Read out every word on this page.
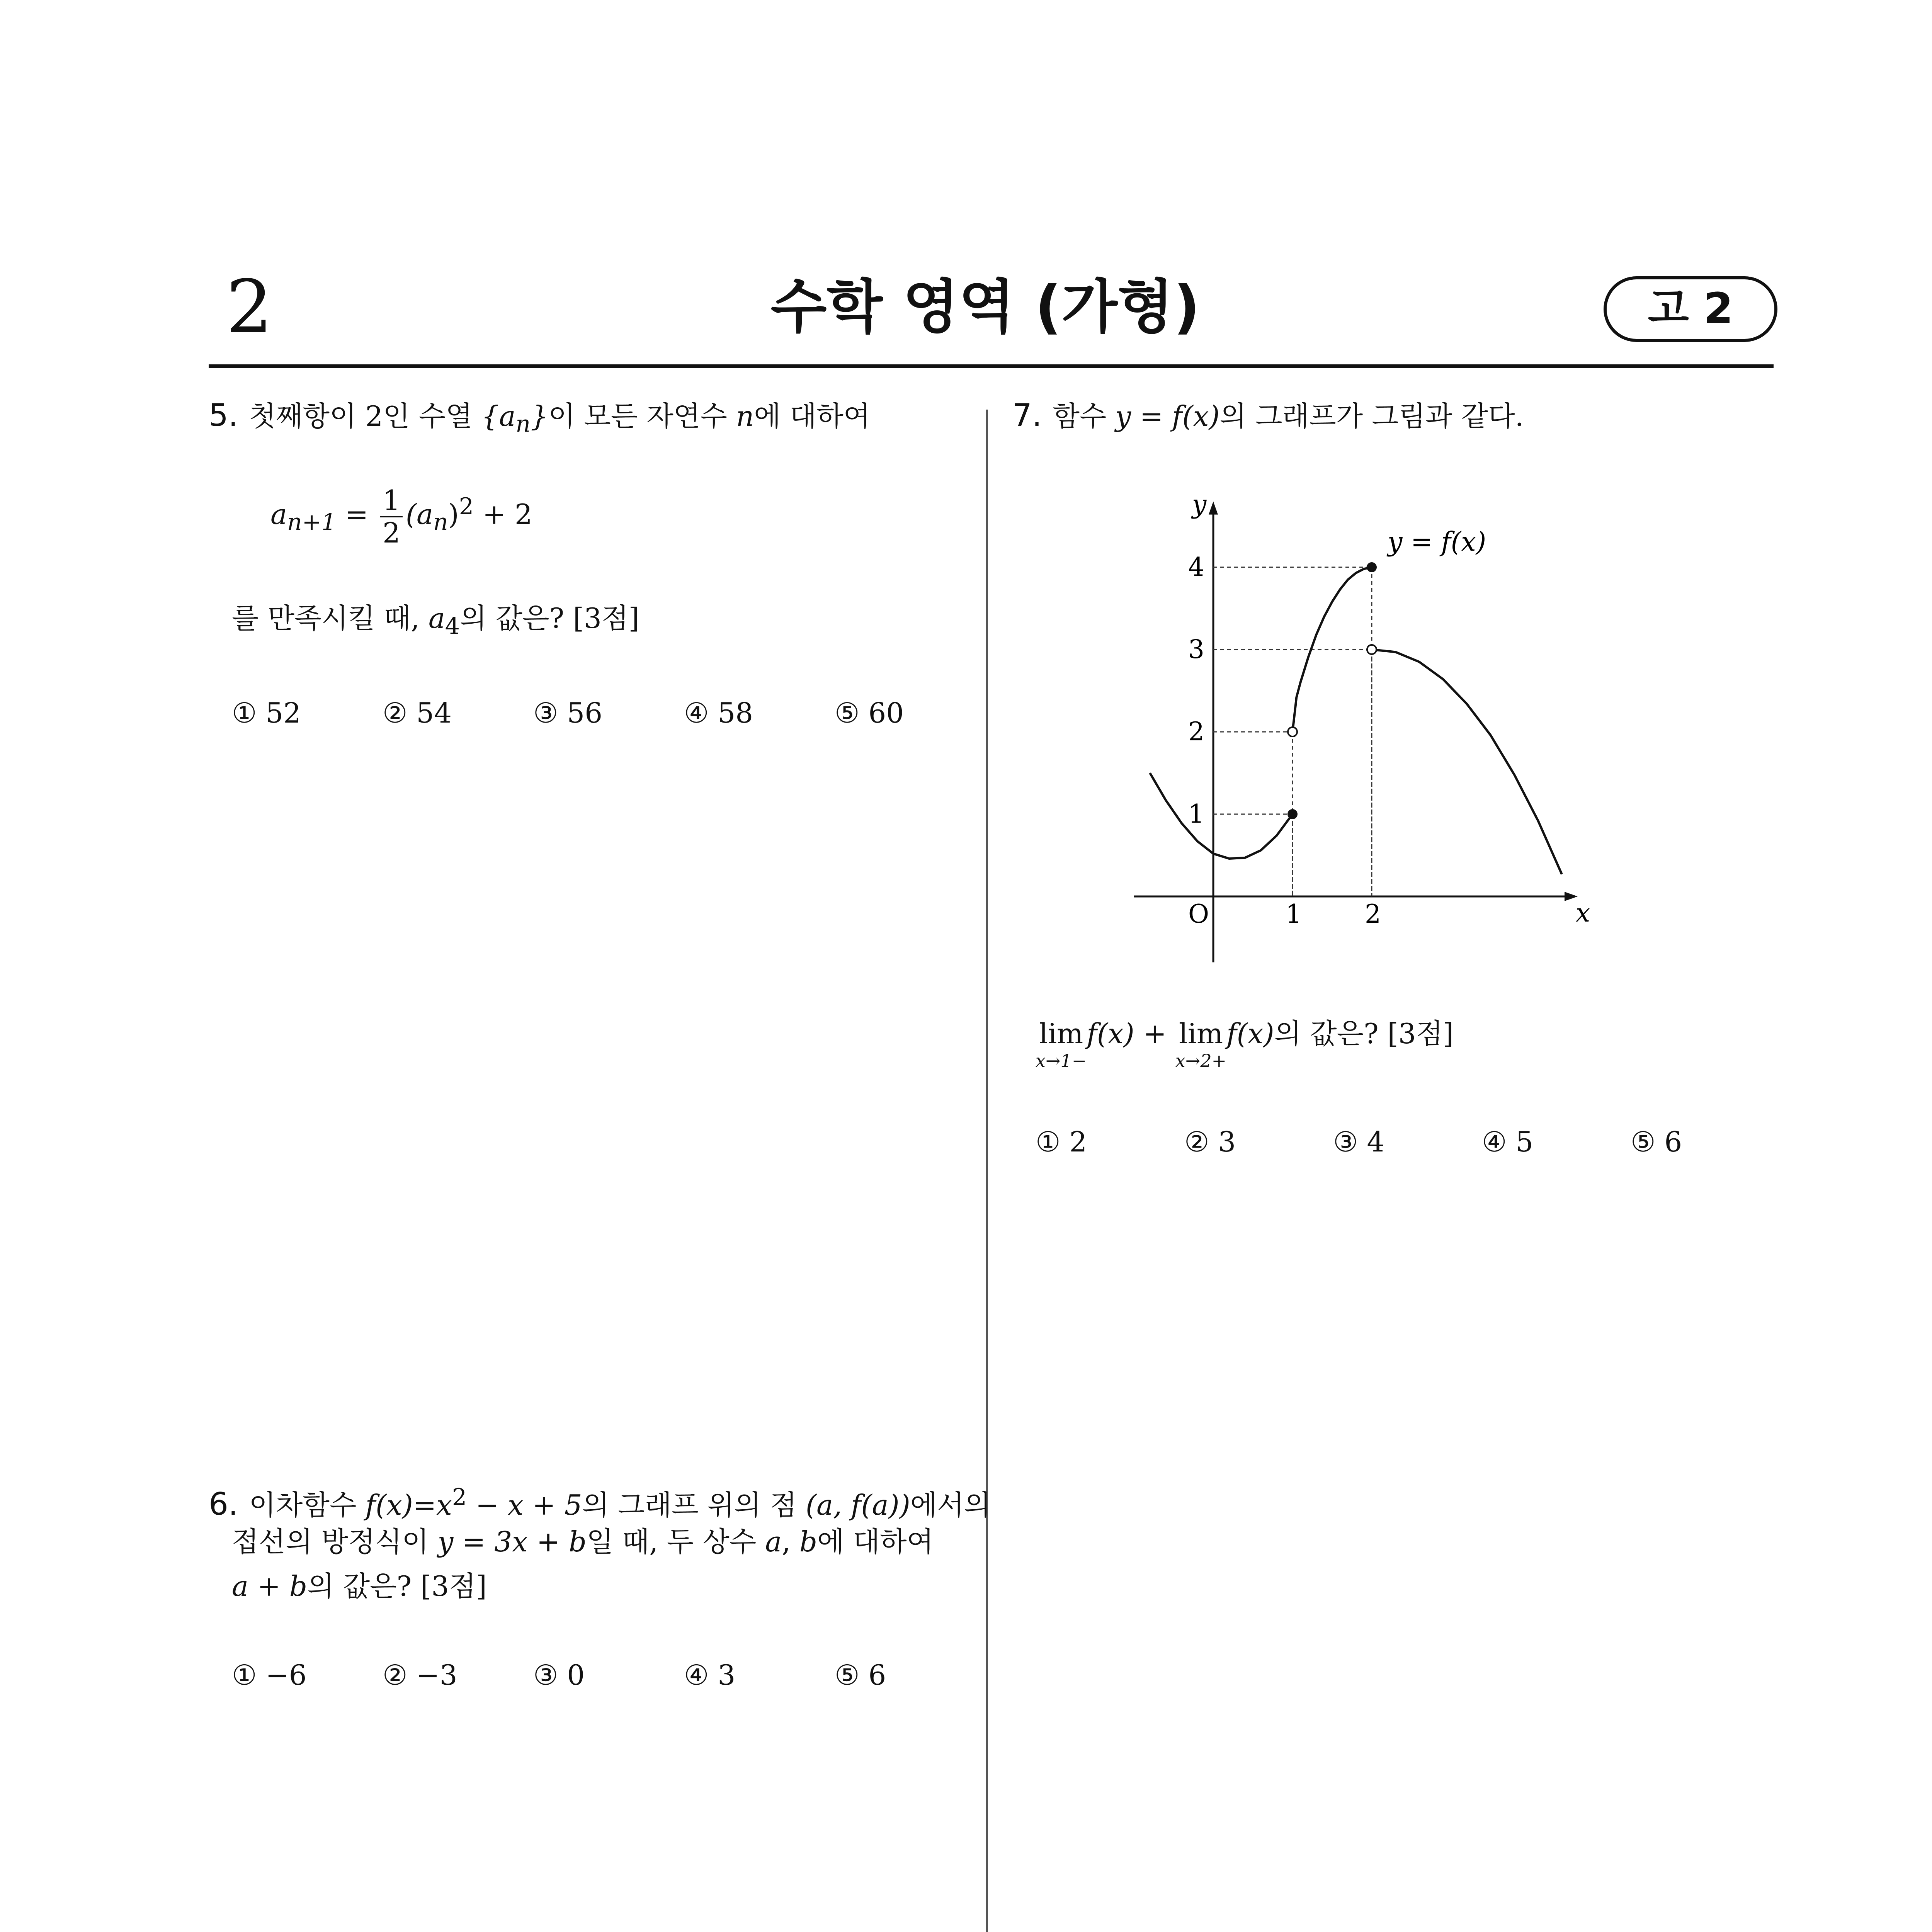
2	수학 영역 (가형)	고 2
5. 첫째항이 2인 수열 $\{a_n\}$이 모든 자연수 n에 대하여
$a_{n+1} = \frac{1}{2} (a_n)^2 + 2$
를 만족시킬 때, $a_4$의 값은? [3점]
① 52	② 54	③ 56	④ 58	⑤ 60
6. 이차함수 $f(x)=x^2 - x + 5$의 그래프 위의 점 (a, f(a))에서의
접선의 방정식이 y = 3x + b일 때, 두 상수 a, b에 대하여
a + b의 값은? [3점]
① −6	② −3	③ 0	④ 3	⑤ 6
7. 함수 y = f(x)의 그래프가 그림과 같다.
x
y
O	1 2
1
2
3
4
y = f(x)
lim
x→1−
f(x) + lim
x→2+
f(x)의 값은? [3점]
① 2	② 3	③ 4	④ 5	⑤ 6
